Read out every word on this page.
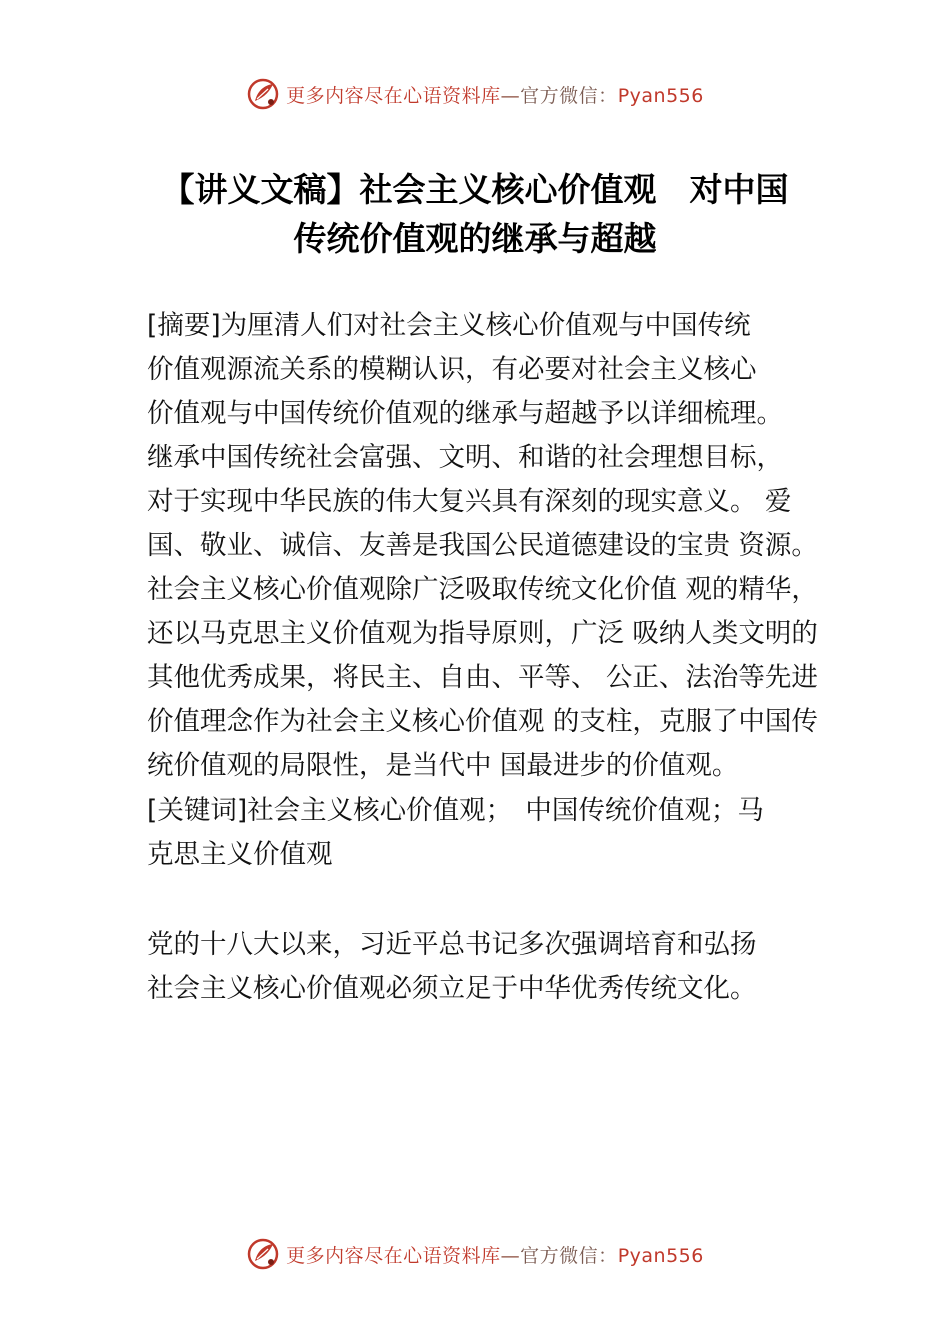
更多内容尽在心语资料库—官方微信：Pyan556
【讲义文稿】社会主义核心价值观　对中国
传统价值观的继承与超越
[摘要]为厘清人们对社会主义核心价值观与中国传统
价值观源流关系的模糊认识，有必要对社会主义核心
价值观与中国传统价值观的继承与超越予以详细梳理。
继承中国传统社会富强、文明、和谐的社会理想目标，
对于实现中华民族的伟大复兴具有深刻的现实意义。 爱
国、敬业、诚信、友善是我国公民道德建设的宝贵 资源。
社会主义核心价值观除广泛吸取传统文化价值 观的精华，
还以马克思主义价值观为指导原则，广泛 吸纳人类文明的
其他优秀成果，将民主、自由、平等、 公正、法治等先进
价值理念作为社会主义核心价值观 的支柱，克服了中国传
统价值观的局限性，是当代中 国最进步的价值观。
[关键词]社会主义核心价值观；　中国传统价值观；马
克思主义价值观
党的十八大以来，习近平总书记多次强调培育和弘扬
社会主义核心价值观必须立足于中华优秀传统文化。
更多内容尽在心语资料库—官方微信：Pyan556
